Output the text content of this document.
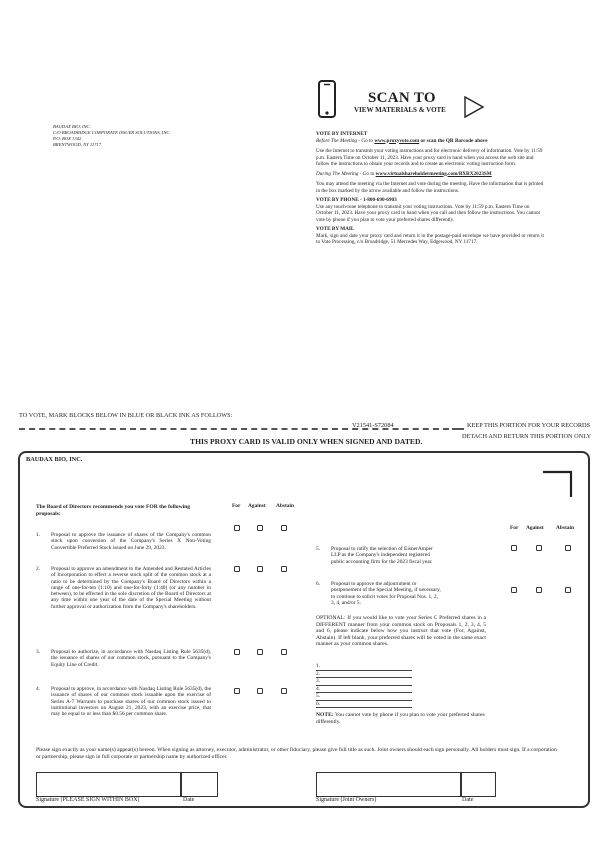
BAUDAX BIO, INC.
C/O BROADRIDGE CORPORATE ISSUER SOLUTIONS, INC.
P.O. BOX 1342
BRENTWOOD, NY 11717
SCAN TO
VIEW MATERIALS & VOTE
VOTE BY INTERNET
Before The Meeting - Go to www.proxyvote.com or scan the QR Barcode above
Use the Internet to transmit your voting instructions and for electronic delivery of information. Vote by 11:59 p.m. Eastern Time on October 11, 2023. Have your proxy card in hand when you access the web site and follow the instructions to obtain your records and to create an electronic voting instruction form.
During The Meeting - Go to www.virtualshareholdermeeting.com/BXRX2023SM
You may attend the meeting via the Internet and vote during the meeting. Have the information that is printed in the box marked by the arrow available and follow the instructions.
VOTE BY PHONE - 1-800-690-6903
Use any touch-tone telephone to transmit your voting instructions. Vote by 11:59 p.m. Eastern Time on October 11, 2023. Have your proxy card in hand when you call and then follow the instructions. You cannot vote by phone if you plan to vote your preferred shares differently.
VOTE BY MAIL
Mark, sign and date your proxy card and return it in the postage-paid envelope we have provided or return it to Vote Processing, c/o Broadridge, 51 Mercedes Way, Edgewood, NY 11717.
TO VOTE, MARK BLOCKS BELOW IN BLUE OR BLACK INK AS FOLLOWS:
V21541-S72084	KEEP THIS PORTION FOR YOUR RECORDS
DETACH AND RETURN THIS PORTION ONLY
THIS PROXY CARD IS VALID ONLY WHEN SIGNED AND DATED.
BAUDAX BIO, INC.
The Board of Directors recommends you vote FOR the following proposals:
For Against Abstain
For Against Abstain
1. Proposal to approve the issuance of shares of the Company's common stock upon conversion of the Company's Series X Non-Voting Convertible Preferred Stock issued on June 29, 2023.
2. Proposal to approve an amendment to the Amended and Restated Articles of Incorporation to effect a reverse stock split of the common stock at a ratio to be determined by the Company's Board of Directors within a range of one-for-ten (1:10) and one-for-forty (1:40) (or any number in between), to be effected in the sole discretion of the Board of Directors at any time within one year of the date of the Special Meeting without further approval or authorization from the Company's shareholders.
3. Proposal to authorize, in accordance with Nasdaq Listing Rule 5635(d), the issuance of shares of our common stock, pursuant to the Company's Equity Line of Credit.
4. Proposal to approve, in accordance with Nasdaq Listing Rule 5635(d), the issuance of shares of our common stock issuable upon the exercise of Series A-7 Warrants to purchase shares of our common stock issued to institutional investors on August 21, 2023, with an exercise price, that may be equal to or less than $0.56 per common share.
5. Proposal to ratify the selection of EisnerAmper LLP as the Company's independent registered public accounting firm for the 2023 fiscal year.
6. Proposal to approve the adjournment or postponement of the Special Meeting, if necessary, to continue to solicit votes for Proposal Nos. 1, 2, 3, 4, and/or 5.
OPTIONAL: If you would like to vote your Series C Preferred shares in a DIFFERENT manner from your common stock on Proposals 1, 2, 3, 4, 5 and 6, please indicate below how you instruct that vote (For, Against, Abstain). If left blank, your preferred shares will be voted in the same exact manner as your common shares.
1.
2.
3.
4.
5.
6.
NOTE: You cannot vote by phone if you plan to vote your preferred shares differently.
Please sign exactly as your name(s) appear(s) hereon. When signing as attorney, executor, administrator, or other fiduciary, please give full title as such. Joint owners should each sign personally. All holders must sign. If a corporation or partnership, please sign in full corporate or partnership name by authorized officer.
Signature [PLEASE SIGN WITHIN BOX]	Date	Signature (Joint Owners)	Date
